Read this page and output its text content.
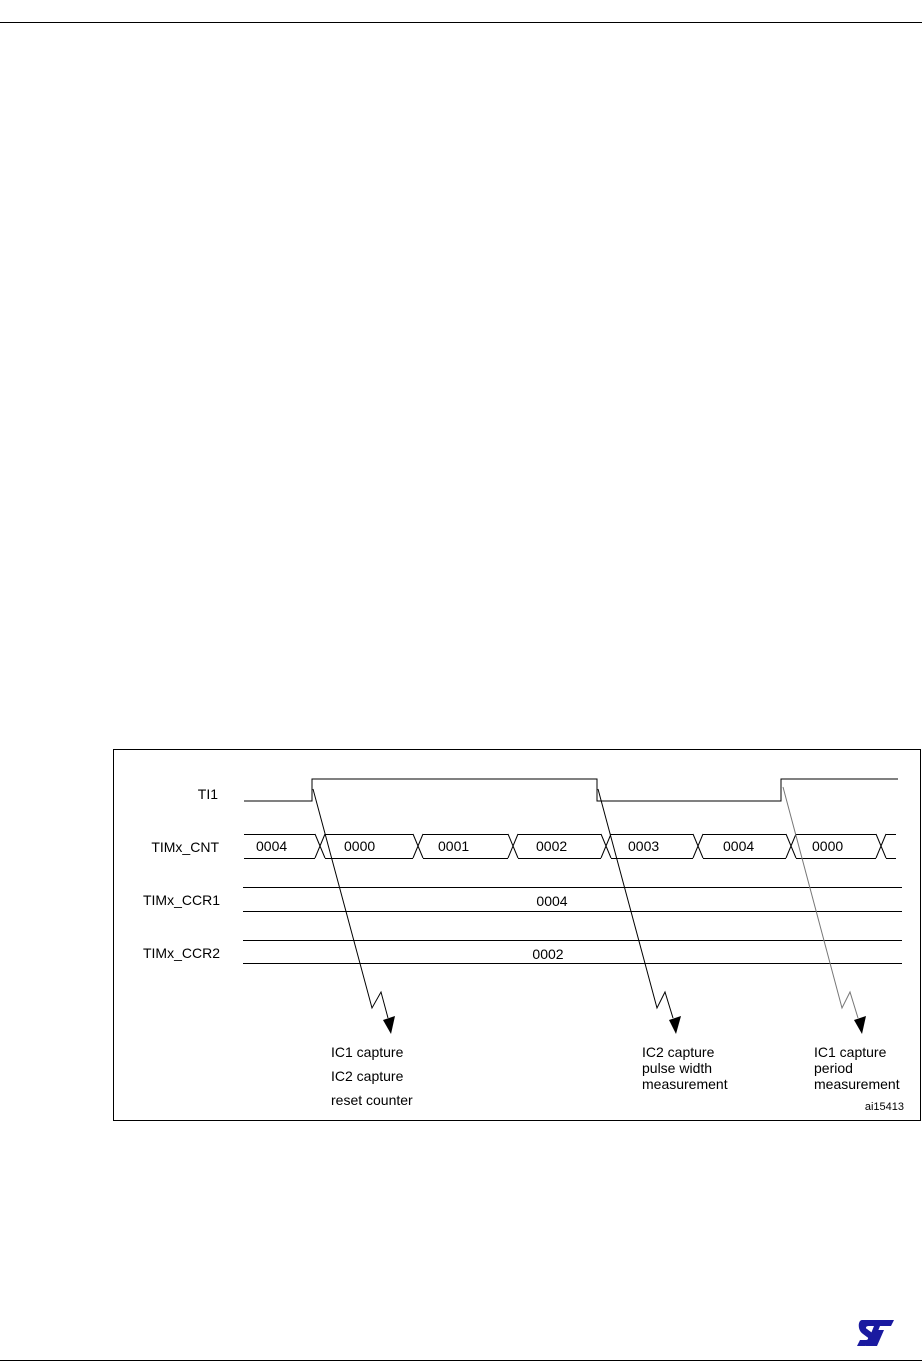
TI1
TIMx_CNT
TIMx_CCR1
TIMx_CCR2
0004	0000	0001	0002	0003	0004	0000
0004
0002
IC1 capture
IC2 capture
reset counter
IC2 capture
pulse width
measurement
IC1 capture
period
measurement
ai15413
